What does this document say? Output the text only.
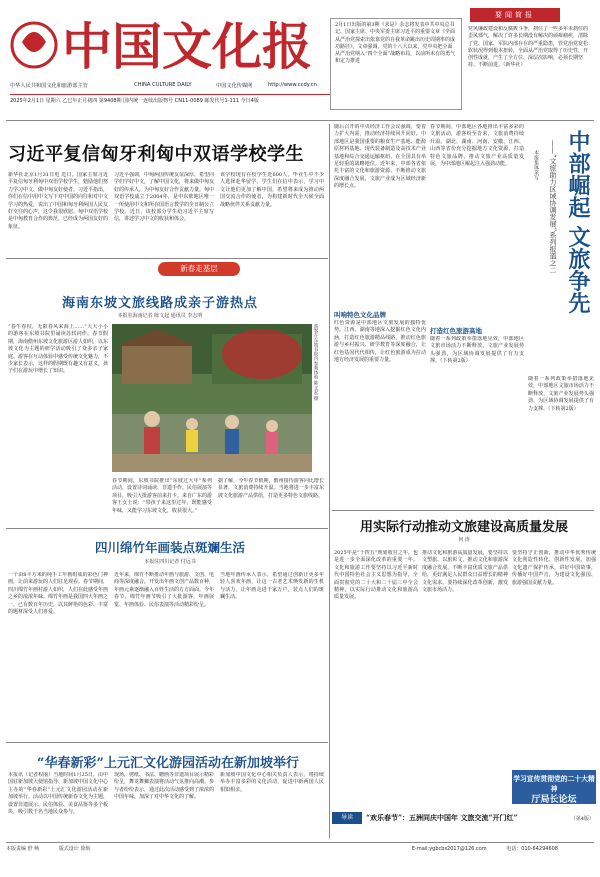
中国文化报
中华人民共和国文化和旅游部主管	CHINA CULTURE DAILY	中国文化传媒网	http://www.ccdy.cn
2025年2月1日 星期六 乙巳年正月初四 第9408期 国内统一连续出版物号 CN11-0089 邮发代号1-111 今日4版
2月1日出版的第3期《求是》杂志将发表中共中央总书记、国家主席、中央军委主席习近平的重要文章《全面从严治党探索出依靠党的自我革命跳出历史周期率的成功路径》。文章强调，党的十八大以来，党中央把全面从严治党纳入“四个全面”战略布局，以前所未有的勇气和定力推进
要闻简报
党风廉政建设和反腐败斗争，刹住了一些多年未刹住的歪风邪气，解决了许多长期没有解决的顽瘴痼疾，清除了党、国家、军队内部存在的严重隐患，管党治党宽松软状况得到根本扭转，全面从严治党取得了历史性、开创性成就，产生了全方位、深层次影响，必须长期坚持、不断前进。（新华社）
习近平复信匈牙利匈中双语学校学生
新华社北京1月31日电 近日，国家主席习近平复信匈牙利匈中双语学校学生，勉励他们努力学习中文、做中匈友好使者。习近平指出，你们在信中用中文写下对中国的向往和对中文学习的热爱，说出了中国和匈牙利两国人民友好交往的心声，这令我很欣慰。匈中双语学校是中匈教育合作的典范，已经成为两国友好的象征。
习近平强调，中匈两国传统友谊深厚，希望同学们学好中文，了解中国文化，将来做中匈友好的传承人，为中匈友好合作贡献力量。匈中双语学校成立于2004年，是中东欧地区唯一一所使用中文和所在国语言教学的全日制公立学校。近日，该校部分学生给习近平主席写信，讲述学习中文的收获和体会。
该学校现有在校学生近600人，毕业生中不少人选择赴华留学。学生们在信中表示，学习中文让他们更加了解中国，希望将来成为推动两国交流合作的使者，为构建新时代全天候全面战略伙伴关系贡献力量。
新春走基层
海南东坡文旅线路成亲子游热点
本报驻海南记者 陈文起 通讯员 李志明
“春牛春杖，无限春风来海上……”大大小小的游客在东坡书院里诵读苏轼词作。春节假期，海南儋州东坡文化旅游区游人如织，以东坡文化为主题的研学活动吸引了众多亲子家庭。游客在互动体验中感受传统文化魅力，不少家长表示，这样的假期既有趣又有意义，孩子们在游玩中增长了知识。	游客在东坡书院内参观体验 陈文起 摄
春节期间，东坡书院推出“东坡过大年”系列活动，设置诗词诵读、非遗手作、民俗展演等项目，吸引大批游客前来打卡。来自广东的游客王女士说：“带孩子来这里过年，既能感受年味，又能学习东坡文化，收获很大。”
据了解，今年春节假期，儋州接待游客同比增长显著，文旅消费持续升温。当地将进一步丰富东坡文化旅游产品供给，打造更多特色文旅线路。
四川绵竹年画装点斑斓生活
本报驻四川记者 付远书
一个由8平方米的纯手工年画组成的彩色门神画，让前来游玩的人们驻足观看。春节期间，四川绵竹年画村游人如织，人们在此感受年画之乡的浓浓年味。绵竹年画是我国四大年画之一，已有数百年历史，以其鲜艳的色彩、丰富的题材深受人们喜爱。
近年来，绵竹不断推动年画与旅游、文创、电商等深度融合，开发出年画文创产品数百种，年画元素逐渐融入百姓生活的方方面面。今年春节，绵竹年画节吸引了大批游客，年画展览、年画体验、民俗表演等活动精彩纷呈。
当地年画传承人表示，希望通过创新让更多年轻人喜欢年画，让这一古老艺术焕发新的生机与活力，让年画走进千家万户，装点人们的斑斓生活。
“华春新彩”上元汇文化游园活动在新加坡举行
本报讯（记者程丽）当地时间1月25日，由中国驻新加坡大使馆指导、新加坡中国文化中心主办的“华春新彩”上元汇文化游园活动在新加坡举行。活动以中国传统新春文化为主题，设置非遗展示、民俗体验、美食品鉴等多个板块，吸引数千名当地民众参与。
现场，剪纸、书法、糖画等非遗项目展示精彩纷呈，舞龙舞狮表演将活动气氛推向高潮。参与者纷纷表示，通过此次活动感受到了浓浓的中国年味，加深了对中华文化的了解。
新加坡中国文化中心相关负责人表示，将持续举办丰富多彩的文化活动，促进中新两国人民相知相亲。
随后召开的中央经济工作会议强调，要着力扩大内需，推动经济持续回升向好。中部地区是我国重要的粮食生产基地、能源原材料基地、现代装备制造及高技术产业基地和综合交通运输枢纽，在全国具有举足轻重的战略地位。近年来，中部各省依托丰富的文化和旅游资源，不断推动文旅深度融合发展，文旅产业成为区域经济新的增长点。
春节期间，中部地区各地推出丰富多彩的文旅活动，游客纷至沓来，文旅消费持续升温。湖北、湖南、河南、安徽、江西、山西等省份充分挖掘地方文化资源，打造特色文旅品牌，推动文旅产业高质量发展，为中部地区崛起注入强劲动能。	本报集体采写	——“文旅助力区域协调发展”系列报道之二 中部崛起 文旅争先
叫响特色文化品牌
红色资源是中部地区文旅发展的独特优势。江西、湖南等地深入挖掘红色文化内涵，打造红色旅游精品线路，推动红色旅游与乡村振兴、研学教育等深度融合，让红色基因代代相传，让红色旅游成为拉动地方经济发展的重要力量。
打造红色旅游高地
随着一系列政策举措落地见效，中部地区文旅市场活力不断释放，文旅产业发展势头强劲，为区域协调发展提供了有力支撑。（下转第2版）
随着一系列政策举措落地见效，中部地区文旅市场活力不断释放，文旅产业发展势头强劲，为区域协调发展提供了有力支撑。（下转第2版）
用实际行动推动文旅建设高质量发展
何 涛
2025年是“十四五”规划收官之年，也是进一步全面深化改革的重要一年。文化和旅游工作要坚持以习近平新时代中国特色社会主义思想为指导，全面贯彻党的二十大和二十届三中全会精神，以实际行动推动文化和旅游高质量发展。
推动文化和旅游高质量发展，要坚持以文塑旅、以旅彰文，推动文化和旅游深度融合发展，不断丰富优质文旅产品供给，更好满足人民群众日益增长的精神文化需求。要持续深化改革创新，激发文旅市场活力。
要坚持守正创新，推动中华优秀传统文化创造性转化、创新性发展，加强文化遗产保护传承，讲好中国故事，传播好中国声音，为建设文化强国、旅游强国贡献力量。
学习宣传贯彻党的二十大精神
厅局长论坛
导读	“欢乐春节”：五洲同庆中国年 文旅交流“开门红”	（第4版）
本版责编 舒 畅	版式设计 徐航	E-mail:ygbcbs2017@126.com	电话：010-64294608
